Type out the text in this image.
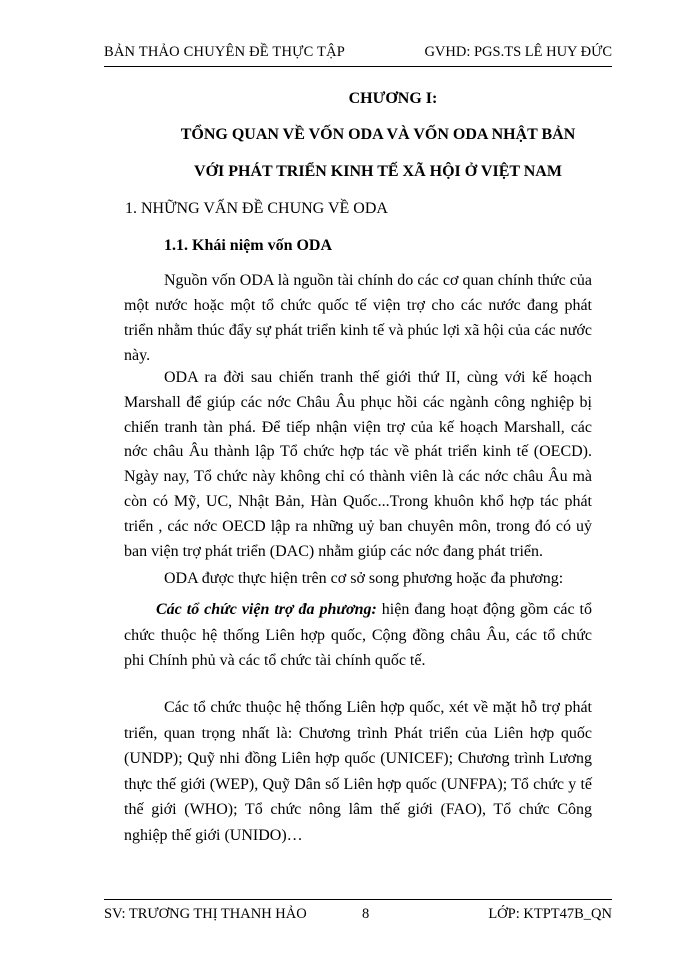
BẢN THẢO CHUYÊN ĐỀ THỰC TẬP	GVHD: PGS.TS LÊ HUY ĐỨC
CHƯƠNG I:
TỔNG QUAN VỀ VỐN ODA VÀ VỐN ODA NHẬT BẢN
VỚI PHÁT TRIỂN KINH TẾ XÃ HỘI Ở VIỆT NAM
1. NHỮNG VẤN ĐỀ CHUNG VỀ ODA
1.1. Khái niệm vốn ODA

Nguồn vốn ODA là nguồn tài chính do các cơ quan chính thức của một nước hoặc một tổ chức quốc tế viện trợ cho các nước đang phát triển nhằm thúc đẩy sự phát triển kinh tế và phúc lợi xã hội của các nước này.

ODA ra đời sau chiến tranh thế giới thứ II, cùng với kế hoạch Marshall để giúp các nớc Châu Âu phục hồi các ngành công nghiệp bị chiến tranh tàn phá. Để tiếp nhận viện trợ của kế hoạch Marshall, các nớc châu Âu thành lập Tổ chức hợp tác về phát triển kinh tế (OECD). Ngày nay, Tổ chức này không chỉ có thành viên là các nớc châu Âu mà còn có Mỹ, UC, Nhật Bản, Hàn Quốc...Trong khuôn khổ hợp tác phát triển , các nớc OECD lập ra những uỷ ban chuyên môn, trong đó có uỷ ban viện trợ phát triển (DAC) nhằm giúp các nớc đang phát triển.

ODA được thực hiện trên cơ sở song phương hoặc đa phương:

Các tổ chức viện trợ đa phương: hiện đang hoạt động gồm các tổ chức thuộc hệ thống Liên hợp quốc, Cộng đồng châu Âu, các tổ chức phi Chính phủ và các tổ chức tài chính quốc tế.

Các tổ chức thuộc hệ thống Liên hợp quốc, xét về mặt hỗ trợ phát triển, quan trọng nhất là: Chương trình Phát triển của Liên hợp quốc (UNDP); Quỹ nhi đồng Liên hợp quốc (UNICEF); Chương trình Lương thực thế giới (WEP), Quỹ Dân số Liên hợp quốc (UNFPA); Tổ chức y tế thế giới (WHO); Tổ chức nông lâm thế giới (FAO), Tổ chức Công nghiệp thế giới (UNIDO)…

SV: TRƯƠNG THỊ THANH HẢO	8	LỚP: KTPT47B_QN
